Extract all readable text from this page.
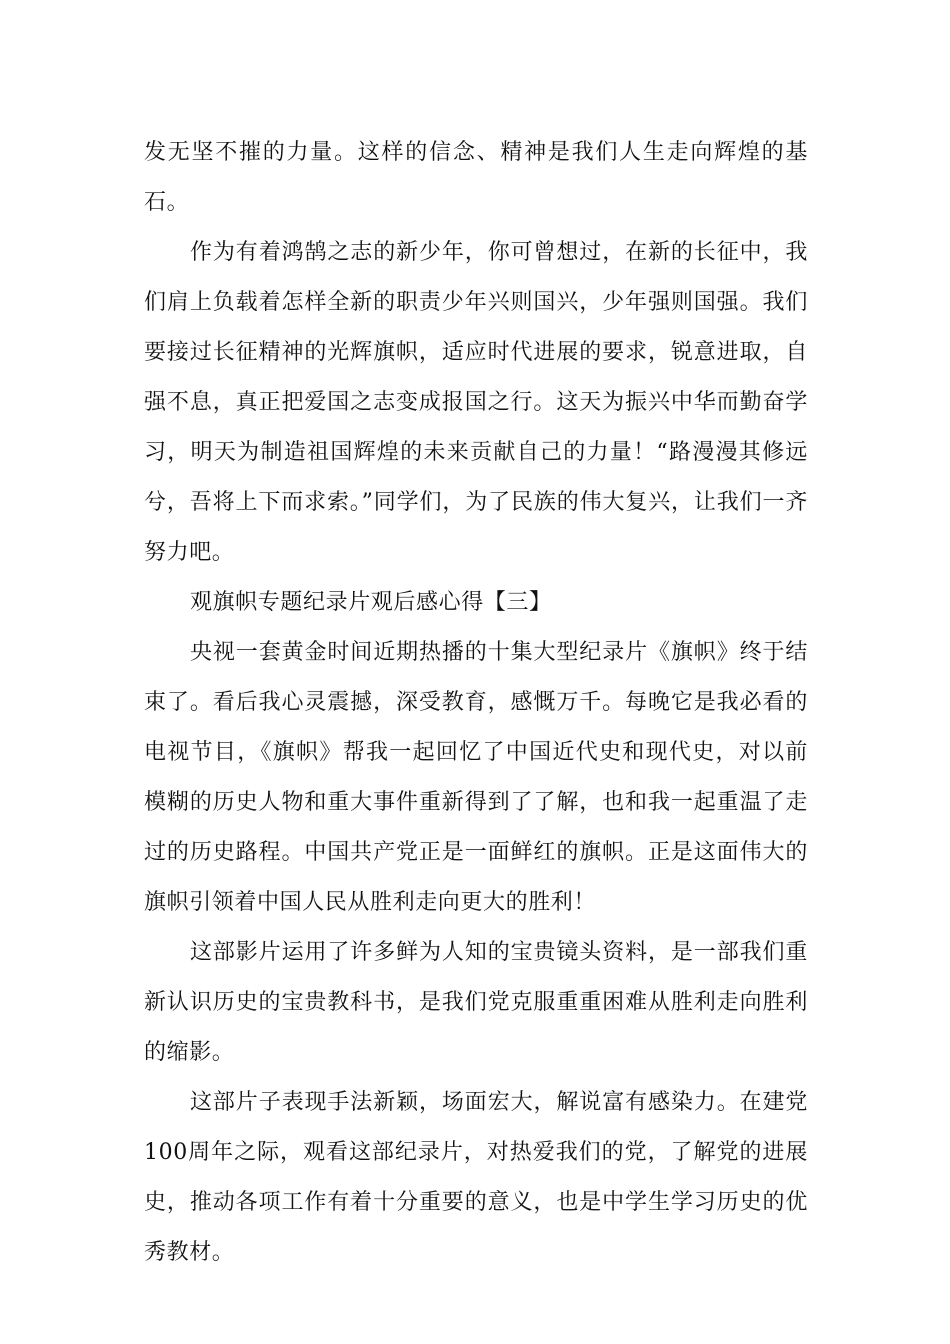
发无坚不摧的力量。这样的信念、精神是我们人生走向辉煌的基石。

作为有着鸿鹄之志的新少年，你可曾想过，在新的长征中，我们肩上负载着怎样全新的职责少年兴则国兴，少年强则国强。我们要接过长征精神的光辉旗帜，适应时代进展的要求，锐意进取，自强不息，真正把爱国之志变成报国之行。这天为振兴中华而勤奋学习，明天为制造祖国辉煌的未来贡献自己的力量！“路漫漫其修远兮，吾将上下而求索。”同学们，为了民族的伟大复兴，让我们一齐努力吧。

观旗帜专题纪录片观后感心得【三】

央视一套黄金时间近期热播的十集大型纪录片《旗帜》终于结束了。看后我心灵震撼，深受教育，感慨万千。每晚它是我必看的电视节目，《旗帜》帮我一起回忆了中国近代史和现代史，对以前模糊的历史人物和重大事件重新得到了了解，也和我一起重温了走过的历史路程。中国共产党正是一面鲜红的旗帜。正是这面伟大的旗帜引领着中国人民从胜利走向更大的胜利！

这部影片运用了许多鲜为人知的宝贵镜头资料，是一部我们重新认识历史的宝贵教科书，是我们党克服重重困难从胜利走向胜利的缩影。

这部片子表现手法新颖，场面宏大，解说富有感染力。在建党100周年之际，观看这部纪录片，对热爱我们的党，了解党的进展史，推动各项工作有着十分重要的意义，也是中学生学习历史的优秀教材。
